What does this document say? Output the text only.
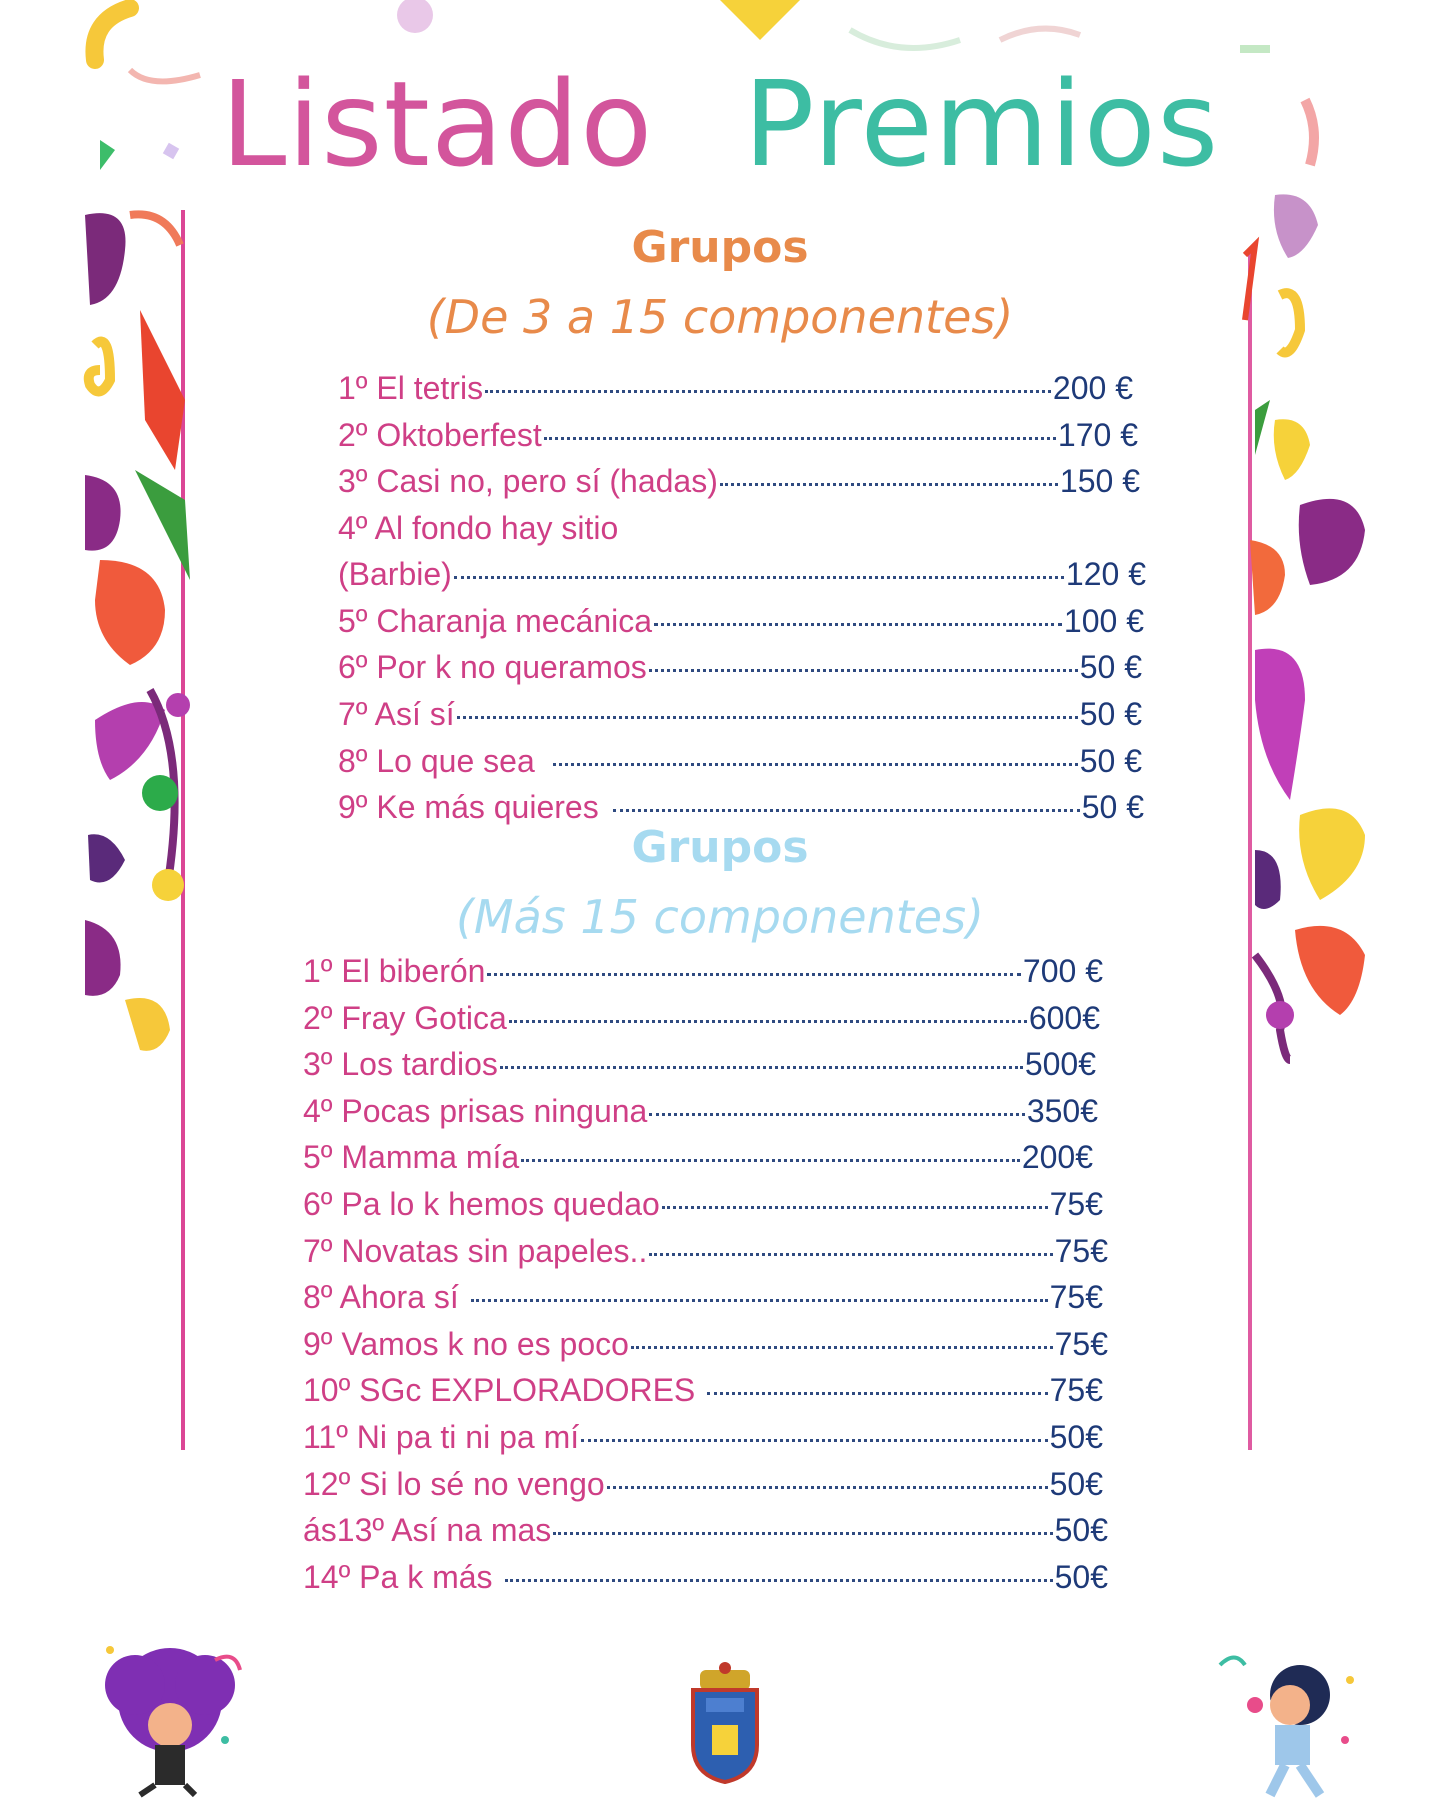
Listado Premios
Grupos
(De 3 a 15 componentes)
1º El tetris	200 €
2º Oktoberfest	170 €
3º Casi no, pero sí (hadas)	150 €
4º Al fondo hay sitio
(Barbie)	120 €
5º Charanja mecánica	100 €
6º Por k no queramos	50 €
7º Así sí	50 €
8º Lo que sea	50 €
9º Ke más quieres	50 €
Grupos
(Más 15 componentes)
1º El biberón	700 €
2º Fray Gotica	600€
3º Los tardios	500€
4º Pocas prisas ninguna	350€
5º Mamma mía	200€
6º Pa lo k hemos quedao	75€
7º Novatas sin papeles..	75€
8º Ahora sí	75€
9º Vamos k no es poco	75€
10º SGc EXPLORADORES	75€
11º Ni pa ti ni pa mí	50€
12º Si lo sé no vengo	50€
ás13º Así na mas	50€
14º Pa k más	50€
